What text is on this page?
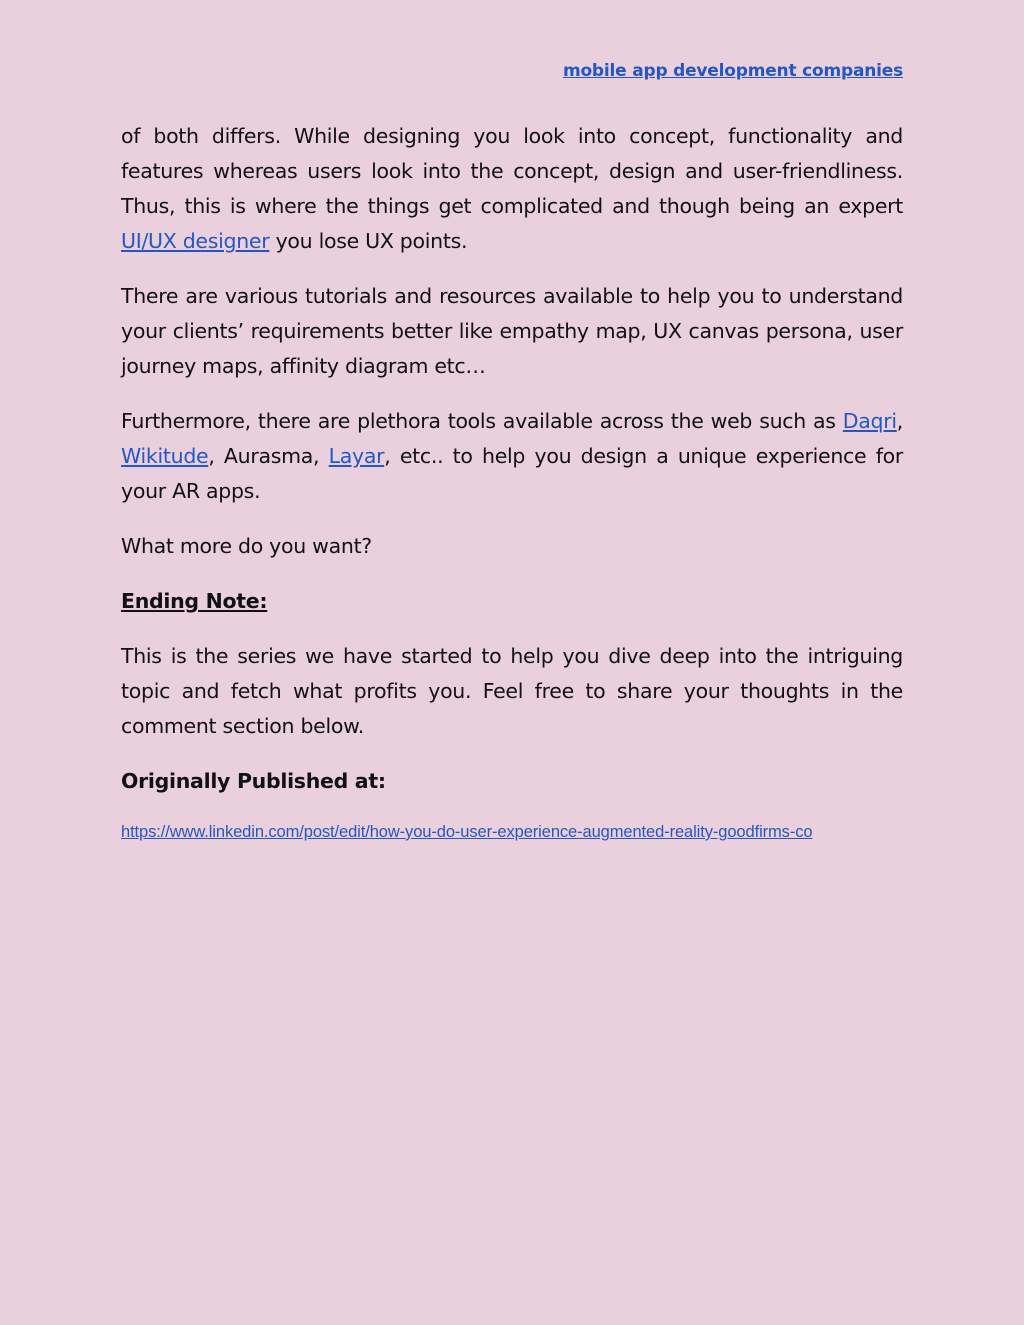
mobile app development companies

of both differs. While designing you look into concept, functionality and features whereas users look into the concept, design and user-friendliness. Thus, this is where the things get complicated and though being an expert UI/UX designer you lose UX points.

There are various tutorials and resources available to help you to understand your clients’ requirements better like empathy map, UX canvas persona, user journey maps, affinity diagram etc…

Furthermore, there are plethora tools available across the web such as Daqri, Wikitude, Aurasma, Layar, etc.. to help you design a unique experience for your AR apps.

What more do you want?

Ending Note:

This is the series we have started to help you dive deep into the intriguing topic and fetch what profits you. Feel free to share your thoughts in the comment section below.

Originally Published at:
https://www.linkedin.com/post/edit/how-you-do-user-experience-augmented-reality-goodfirms-co
